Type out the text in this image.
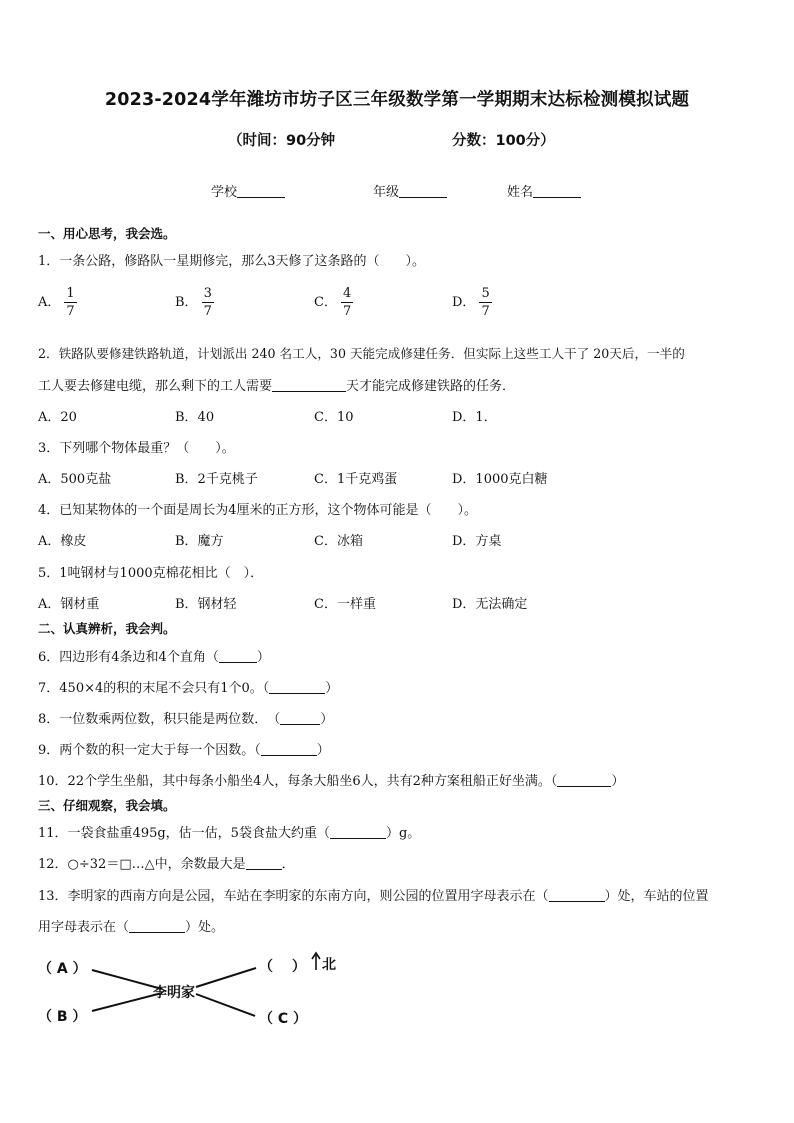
2023-2024学年潍坊市坊子区三年级数学第一学期期末达标检测模拟试题
（时间：90分钟	分数：100分）
学校	年级	姓名
一、用心思考，我会选。
1．一条公路，修路队一星期修完，那么3天修了这条路的（　　）。
A． $\frac{1}{7}$	B． $\frac{3}{7}$	C． $\frac{4}{7}$	D． $\frac{5}{7}$
2．铁路队要修建铁路轨道，计划派出 240 名工人，30 天能完成修建任务．但实际上这些工人干了 20天后，一半的
工人要去修建电缆，那么剩下的工人需要	天才能完成修建铁路的任务．
A．20	B．40	C．10	D．1．
3．下列哪个物体最重？（　　）。
A．500克盐	B．2千克桃子	C．1千克鸡蛋	D．1000克白糖
4．已知某物体的一个面是周长为4厘米的正方形，这个物体可能是（　　）。
A．橡皮	B．魔方	C．冰箱	D．方桌
5．1吨钢材与1000克棉花相比（　）．
A．钢材重	B．钢材轻	C．一样重	D．无法确定
二、认真辨析，我会判。
6．四边形有4条边和4个直角（	）
7．450×4的积的末尾不会只有1个0。（	）
8．一位数乘两位数，积只能是两位数．　（	）
9．两个数的积一定大于每一个因数。（	）
10．22个学生坐船，其中每条小船坐4人，每条大船坐6人，共有2种方案租船正好坐满。（	）
三、仔细观察，我会填。
11．一袋食盐重495g，估一估，5袋食盐大约重（	）g。
12．○÷32＝□…△中，余数最大是	．
13．李明家的西南方向是公园，车站在李明家的东南方向，则公园的位置用字母表示在（	）处，车站的位置
用字母表示在（	）处。
（ A ）
（ B ）
李明家
（　 ） 北
（ C ）
